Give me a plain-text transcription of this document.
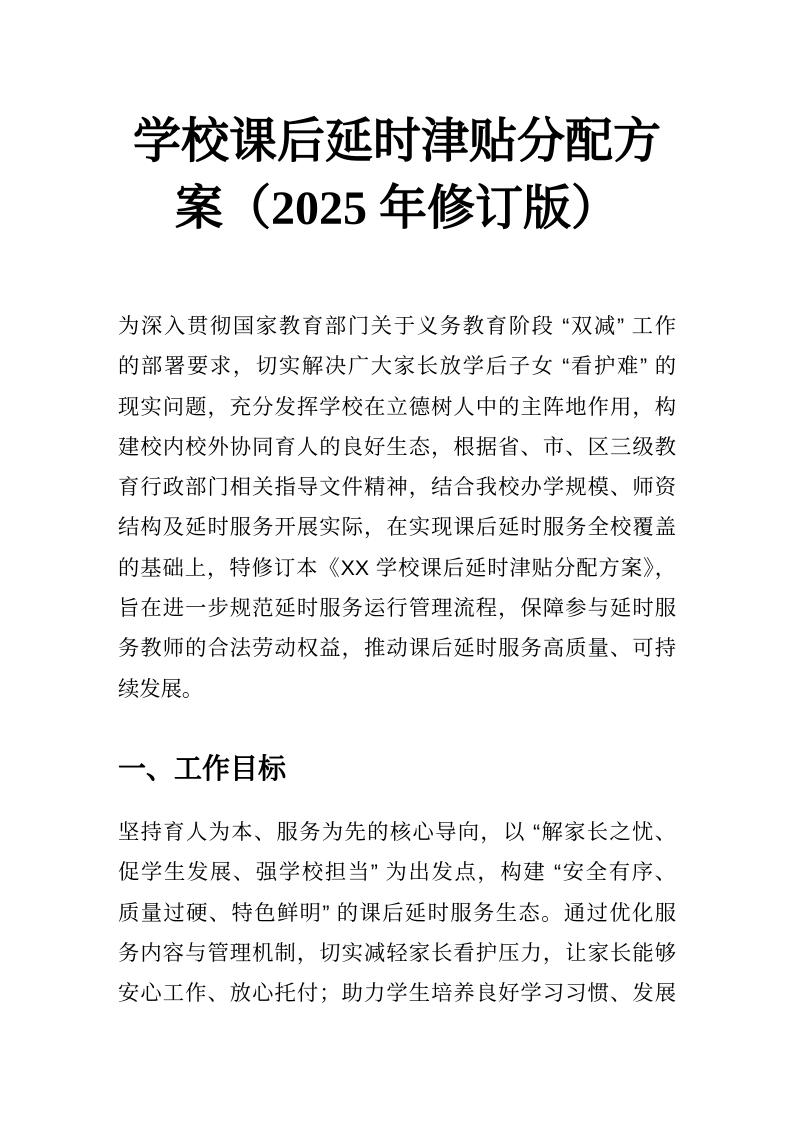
学校课后延时津贴分配方
案（2025 年修订版）
为深入贯彻国家教育部门关于义务教育阶段 “双减” 工作
的部署要求，切实解决广大家长放学后子女 “看护难” 的
现实问题，充分发挥学校在立德树人中的主阵地作用，构
建校内校外协同育人的良好生态，根据省、市、区三级教
育行政部门相关指导文件精神，结合我校办学规模、师资
结构及延时服务开展实际，在实现课后延时服务全校覆盖
的基础上，特修订本《XX 学校课后延时津贴分配方案》，
旨在进一步规范延时服务运行管理流程，保障参与延时服
务教师的合法劳动权益，推动课后延时服务高质量、可持
续发展。
一、工作目标
坚持育人为本、服务为先的核心导向，以 “解家长之忧、
促学生发展、强学校担当” 为出发点，构建 “安全有序、
质量过硬、特色鲜明” 的课后延时服务生态。通过优化服
务内容与管理机制，切实减轻家长看护压力，让家长能够
安心工作、放心托付；助力学生培养良好学习习惯、发展
